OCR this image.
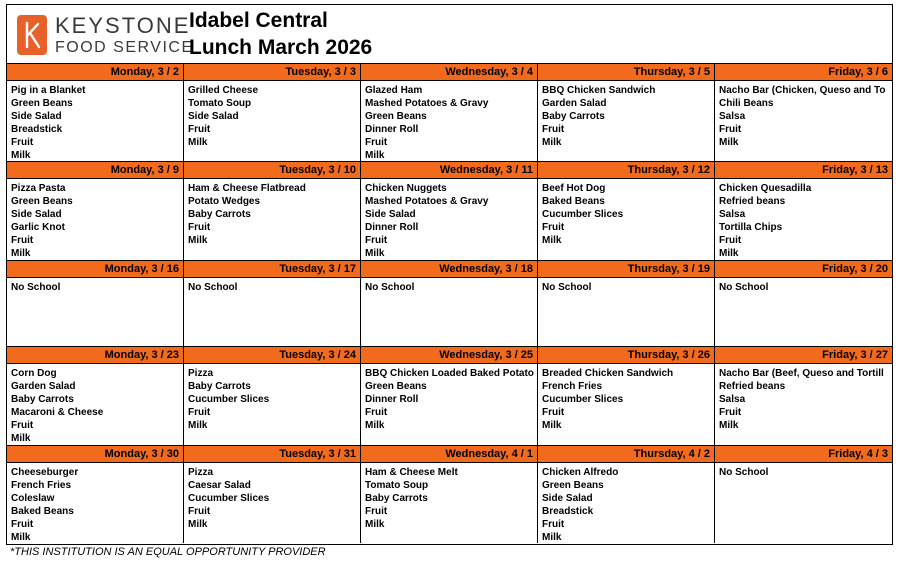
KEYSTONE
FOOD SERVICE
Idabel Central
Lunch March 2026
Monday, 3 / 2
Pig in a Blanket
Green Beans
Side Salad
Breadstick
Fruit
Milk
Tuesday, 3 / 3
Grilled Cheese
Tomato Soup
Side Salad
Fruit
Milk
Wednesday, 3 / 4
Glazed Ham
Mashed Potatoes & Gravy
Green Beans
Dinner Roll
Fruit
Milk
Thursday, 3 / 5
BBQ Chicken Sandwich
Garden Salad
Baby Carrots
Fruit
Milk
Friday, 3 / 6
Nacho Bar (Chicken, Queso and To
Chili Beans
Salsa
Fruit
Milk
Monday, 3 / 9
Pizza Pasta
Green Beans
Side Salad
Garlic Knot
Fruit
Milk
Tuesday, 3 / 10
Ham & Cheese Flatbread
Potato Wedges
Baby Carrots
Fruit
Milk
Wednesday, 3 / 11
Chicken Nuggets
Mashed Potatoes & Gravy
Side Salad
Dinner Roll
Fruit
Milk
Thursday, 3 / 12
Beef Hot Dog
Baked Beans
Cucumber Slices
Fruit
Milk
Friday, 3 / 13
Chicken Quesadilla
Refried beans
Salsa
Tortilla Chips
Fruit
Milk
Monday, 3 / 16
No School
Tuesday, 3 / 17
No School
Wednesday, 3 / 18
No School
Thursday, 3 / 19
No School
Friday, 3 / 20
No School
Monday, 3 / 23
Corn Dog
Garden Salad
Baby Carrots
Macaroni & Cheese
Fruit
Milk
Tuesday, 3 / 24
Pizza
Baby Carrots
Cucumber Slices
Fruit
Milk
Wednesday, 3 / 25
BBQ Chicken Loaded Baked Potato
Green Beans
Dinner Roll
Fruit
Milk
Thursday, 3 / 26
Breaded Chicken Sandwich
French Fries
Cucumber Slices
Fruit
Milk
Friday, 3 / 27
Nacho Bar (Beef, Queso and Tortill
Refried beans
Salsa
Fruit
Milk
Monday, 3 / 30
Cheeseburger
French Fries
Coleslaw
Baked Beans
Fruit
Milk
Tuesday, 3 / 31
Pizza
Caesar Salad
Cucumber Slices
Fruit
Milk
Wednesday, 4 / 1
Ham & Cheese Melt
Tomato Soup
Baby Carrots
Fruit
Milk
Thursday, 4 / 2
Chicken Alfredo
Green Beans
Side Salad
Breadstick
Fruit
Milk
Friday, 4 / 3
No School
*THIS INSTITUTION IS AN EQUAL OPPORTUNITY PROVIDER
